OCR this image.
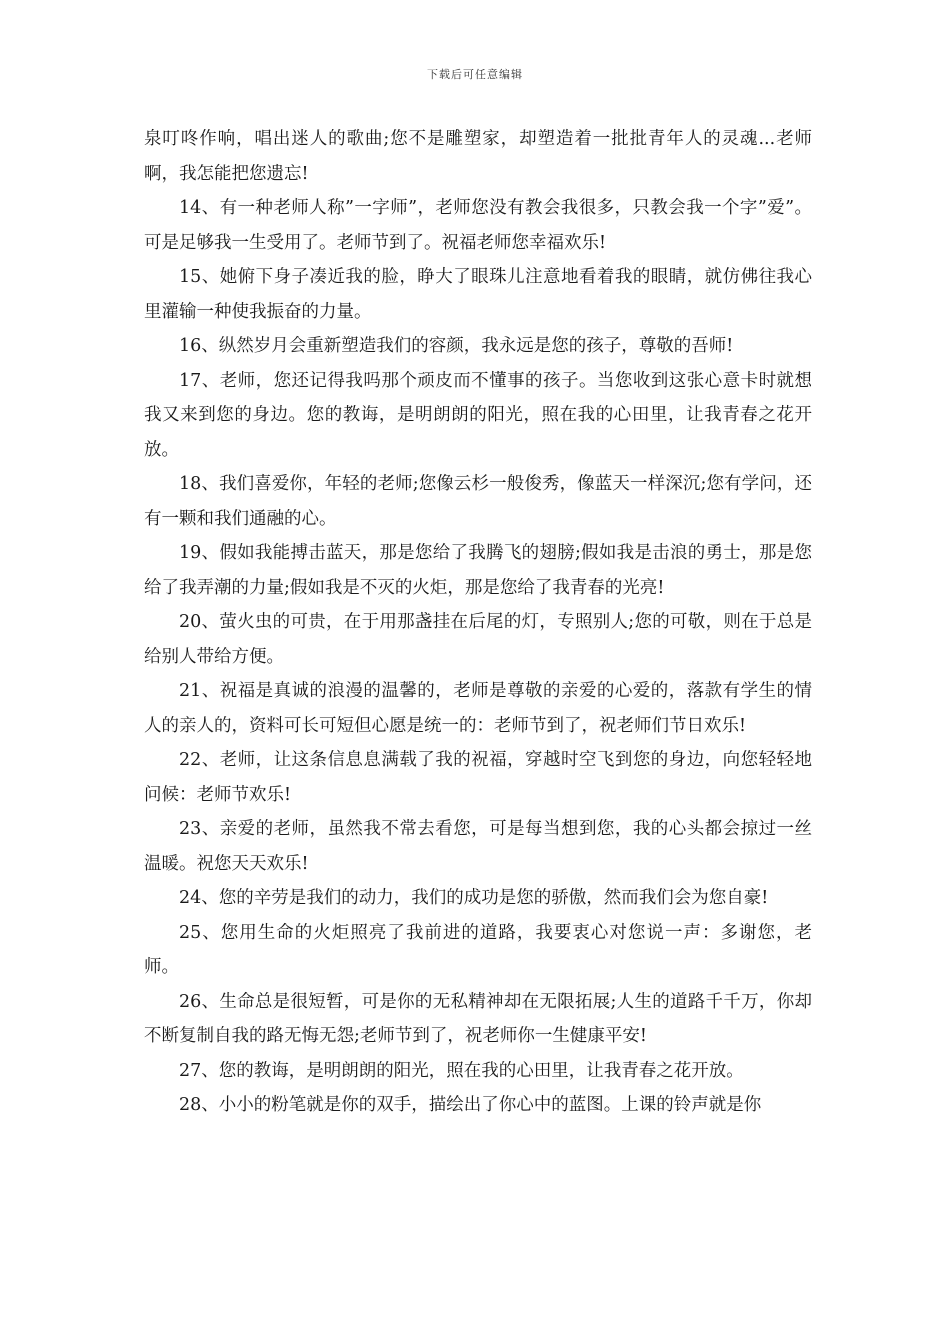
下载后可任意编辑

泉叮咚作响，唱出迷人的歌曲;您不是雕塑家，却塑造着一批批青年人的灵魂...老师啊，我怎能把您遗忘!

14、有一种老师人称”一字师”，老师您没有教会我很多，只教会我一个字”爱”。可是足够我一生受用了。老师节到了。祝福老师您幸福欢乐!

15、她俯下身子凑近我的脸，睁大了眼珠儿注意地看着我的眼睛，就仿佛往我心里灌输一种使我振奋的力量。

16、纵然岁月会重新塑造我们的容颜，我永远是您的孩子，尊敬的吾师!

17、老师，您还记得我吗那个顽皮而不懂事的孩子。当您收到这张心意卡时就想我又来到您的身边。您的教诲，是明朗朗的阳光，照在我的心田里，让我青春之花开放。

18、我们喜爱你，年轻的老师;您像云杉一般俊秀，像蓝天一样深沉;您有学问，还有一颗和我们通融的心。

19、假如我能搏击蓝天，那是您给了我腾飞的翅膀;假如我是击浪的勇士，那是您给了我弄潮的力量;假如我是不灭的火炬，那是您给了我青春的光亮!

20、萤火虫的可贵，在于用那盏挂在后尾的灯，专照别人;您的可敬，则在于总是给别人带给方便。

21、祝福是真诚的浪漫的温馨的，老师是尊敬的亲爱的心爱的，落款有学生的情人的亲人的，资料可长可短但心愿是统一的：老师节到了，祝老师们节日欢乐!

22、老师，让这条信息息满载了我的祝福，穿越时空飞到您的身边，向您轻轻地问候：老师节欢乐!

23、亲爱的老师，虽然我不常去看您，可是每当想到您，我的心头都会掠过一丝温暖。祝您天天欢乐!

24、您的辛劳是我们的动力，我们的成功是您的骄傲，然而我们会为您自豪!

25、您用生命的火炬照亮了我前进的道路，我要衷心对您说一声：多谢您，老师。

26、生命总是很短暂，可是你的无私精神却在无限拓展;人生的道路千千万，你却不断复制自我的路无悔无怨;老师节到了，祝老师你一生健康平安!

27、您的教诲，是明朗朗的阳光，照在我的心田里，让我青春之花开放。

28、小小的粉笔就是你的双手，描绘出了你心中的蓝图。上课的铃声就是你
